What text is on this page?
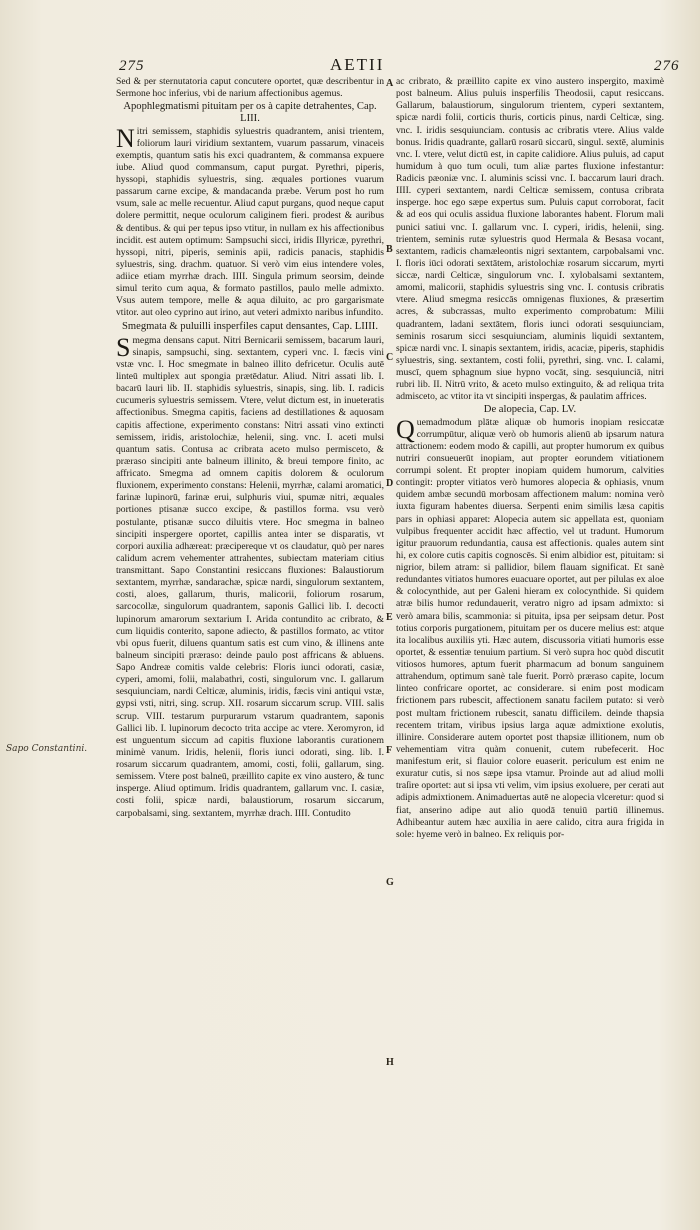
275	AETII	276
Sapo Constantini.

Sed & per sternutatoria caput concutere oportet, quæ describentur in Sermone hoc inferius, vbi de narium affectionibus agemus.

Apophlegmatismi pituitam per os à capite detrahentes, Cap. LIII.

Nitri semissem, staphidis syluestris quadrantem, anisi trientem, foliorum lauri viridium sextantem, vuarum passarum, vinaceis exemptis, quantum satis his exci quadrantem, & commansa expuere iube. Aliud quod commansum, caput purgat. Pyrethri, piperis, hyssopi, staphidis syluestris, sing. æquales portiones vuarum passarum carne excipe, & mandacanda præbe. Verum post ho rum vsum, sale ac melle recuentur. Aliud caput purgans, quod neque caput dolere permittit, neque oculorum caliginem fieri. prodest & auribus & dentibus. & qui per tepus ipso vtitur, in nullam ex his affectionibus incidit. est autem optimum: Sampsuchi sicci, iridis Illyricæ, pyrethri, hyssopi, nitri, piperis, seminis apii, radicis panacis, staphidis syluestris, sing. drachm. quatuor. Si verò vim eius intendere voles, adiice etiam myrrhæ drach. IIII. Singula primum seorsim, deinde simul terito cum aqua, & formato pastillos, paulo melle admixto. Vsus autem tempore, melle & aqua diluito, ac pro gargarismate vtitor. aut oleo cyprino aut irino, aut veteri admixto naribus infundito.

Smegmata & puluilli insperfiles caput densantes, Cap. LIIII.

Smegma densans caput. Nitri Bernicarii semissem, bacarum lauri, sinapis, sampsuchi, sing. sextantem, cyperi vnc. I. fæcis vini vstæ vnc. I. Hoc smegmate in balneo illito defricetur. Oculis autē linteū multiplex aut spongia prætēdatur. Aliud. Nitri assati lib. I. bacarū lauri lib. II. staphidis syluestris, sinapis, sing. lib. I. radicis cucumeris syluestris semissem. Vtere, velut dictum est, in inueteratis affectionibus. Smegma capitis, faciens ad destillationes & aquosam capitis affectione, experimento constans: Nitri assati vino extincti semissem, iridis, aristolochiæ, helenii, sing. vnc. I. aceti mulsi quantum satis. Contusa ac cribrata aceto mulso permisceto, & præraso sincipiti ante balneum illinito, & breui tempore finito, ac affricato. Smegma ad omnem capitis dolorem & oculorum fluxionem, experimento constans: Helenii, myrrhæ, calami aromatici, farinæ lupinorū, farinæ erui, sulphuris viui, spumæ nitri, æquales portiones ptisanæ succo excipe, & pastillos forma. vsu verò postulante, ptisanæ succo diluitis vtere. Hoc smegma in balneo sincipiti inspergere oportet, capillis antea inter se disparatis, vt corpori auxilia adhæreat: præcipereque vt os claudatur, quò per nares calidum acrem vehementer attrahentes, subiectam materiam citius transmittant. Sapo Constantini resiccans fluxiones: Balaustiorum sextantem, myrrhæ, sandarachæ, spicæ nardi, singulorum sextantem, costi, aloes, gallarum, thuris, malicorii, foliorum rosarum, sarcocollæ, singulorum quadrantem, saponis Gallici lib. I. decocti lupinorum amarorum sextarium I. Arida contundito ac cribrato, & cum liquidis conterito, sapone adiecto, & pastillos formato, ac vtitor vbi opus fuerit, diluens quantum satis est cum vino, & illinens ante balneum sincipiti præraso: deinde paulo post affricans & abluens. Sapo Andreæ comitis valde celebris: Floris iunci odorati, casiæ, cyperi, amomi, folii, malabathri, costi, singulorum vnc. I. gallarum sesquiunciam, nardi Celticæ, aluminis, iridis, fæcis vini antiqui vstæ, gypsi vsti, nitri, sing. scrup. XII. rosarum siccarum scrup. VIII. salis scrup. VIII. testarum purpurarum vstarum quadrantem, saponis Gallici lib. I. lupinorum decocto trita accipe ac vtere. Xeromyron, id est unguentum siccum ad capitis fluxione laborantis curationem minimè vanum. Iridis, helenii, floris iunci odorati, sing. lib. I. rosarum siccarum quadrantem, amomi, costi, folii, gallarum, sing. semissem. Vtere post balneū, præillito capite ex vino austero, & tunc insperge. Aliud optimum. Iridis quadrantem, gallarum vnc. I. casiæ, costi folii, spicæ nardi, balaustiorum, rosarum siccarum, carpobalsami, sing. sextantem, myrrhæ drach. IIII. Contudito

ac cribrato, & præillito capite ex vino austero inspergito, maximè post balneum. Alius puluis insperfilis Theodosii, caput resiccans. Gallarum, balaustiorum, singulorum trientem, cyperi sextantem, spicæ nardi folii, corticis thuris, corticis pinus, nardi Celticæ, sing. vnc. I. iridis sesquiunciam. contusis ac cribratis vtere. Alius valde bonus. Iridis quadrante, gallarū rosarū siccarū, singul. sextē, aluminis vnc. I. vtere, velut dictū est, in capite calidiore. Alius puluis, ad caput humidum à quo tum oculi, tum aliæ partes fluxione infestantur: Radicis pæoniæ vnc. I. aluminis scissi vnc. I. baccarum lauri drach. IIII. cyperi sextantem, nardi Celticæ semissem, contusa cribrata insperge. hoc ego sæpe expertus sum. Puluis caput corroborat, facit & ad eos qui oculis assidua fluxione laborantes habent. Florum mali punici satiui vnc. I. gallarum vnc. I. cyperi, iridis, helenii, sing. trientem, seminis rutæ syluestris quod Hermala & Besasa vocant, sextantem, radicis chamæleontis nigri sextantem, carpobalsami vnc. I. floris iūci odorati sextātem, aristolochiæ rosarum siccarum, myrti siccæ, nardi Celticæ, singulorum vnc. I. xylobalsami sextantem, amomi, malicorii, staphidis syluestris sing vnc. I. contusis cribratis vtere. Aliud smegma resiccās omnigenas fluxiones, & præsertim acres, & subcrassas, multo experimento comprobatum: Milii quadrantem, ladani sextātem, floris iunci odorati sesquiunciam, seminis rosarum sicci sesquiunciam, aluminis liquidi sextantem, spicæ nardi vnc. I. sinapis sextantem, iridis, acaciæ, piperis, staphidis syluestris, sing. sextantem, costi folii, pyrethri, sing. vnc. I. calami, muscī, quem sphagnum siue hypno vocāt, sing. sesquiunciā, nitri rubri lib. II. Nitrū vrito, & aceto mulso extinguito, & ad reliqua trita admisceto, ac vtitor ita vt sincipiti inspergas, & paulatim affrices.

De alopecia, Cap. LV.

Quemadmodum plātæ aliquæ ob humoris inopiam resiccatæ corrumpūtur, aliquæ verò ob humoris alienū ab ipsarum natura attractionem: eodem modo & capilli, aut propter humorum ex quibus nutriri consueuerūt inopiam, aut propter eorundem vitiationem corrumpi solent. Et propter inopiam quidem humorum, calvities contingit: propter vitiatos verò humores alopecia & ophiasis, vnum quidem ambæ secundū morbosam affectionem malum: nomina verò iuxta figuram habentes diuersa. Serpenti enim similis læsa capitis pars in ophiasi apparet: Alopecia autem sic appellata est, quoniam vulpibus frequenter accidit hæc affectio, vel ut tradunt. Humorum igitur prauorum redundantia, causa est affectionis. quales autem sint hi, ex colore cutis capitis cognoscēs. Si enim albidior est, pituitam: si nigrior, bilem atram: si pallidior, bilem flauam significat. Et sanè redundantes vitiatos humores euacuare oportet, aut per pilulas ex aloe & colocynthide, aut per Galeni hieram ex colocynthide. Si quidem atræ bilis humor redundauerit, veratro nigro ad ipsam admixto: si verò amara bilis, scammonia: si pituita, ipsa per seipsam detur. Post totius corporis purgationem, pituitam per os ducere melius est: atque ita localibus auxiliis yti. Hæc autem, discussoria vitiati humoris esse oportet, & essentiæ tenuium partium. Si verò supra hoc quòd discutit vitiosos humores, aptum fuerit pharmacum ad bonum sanguinem attrahendum, optimum sanè tale fuerit. Porrò præraso capite, locum linteo confricare oportet, ac considerare. si enim post modicam frictionem pars rubescit, affectionem sanatu facilem putato: si verò post multam frictionem rubescit, sanatu difficilem. deinde thapsia recentem tritam, viribus ipsius larga aquæ admixtione exolutis, illinire. Considerare autem oportet post thapsiæ illitionem, num ob vehementiam vitra quàm conuenit, cutem rubefecerit. Hoc manifestum erit, si flauior colore euaserit. periculum est enim ne exuratur cutis, si nos sæpe ipsa vtamur. Proinde aut ad aliud molli traſire oportet: aut si ipsa vti velim, vim ipsius exoluere, per cerati aut adipis admixtionem. Animaduertas autē ne alopecia vlceretur: quod si fiat, anserino adipe aut alio quodā tenuiū partiū illinemus. Adhibeantur autem hæc auxilia in aere calido, citra aura frigida in sole: hyeme verò in balneo. Ex reliquis por-

A
B
C
D
E
F
G
H
